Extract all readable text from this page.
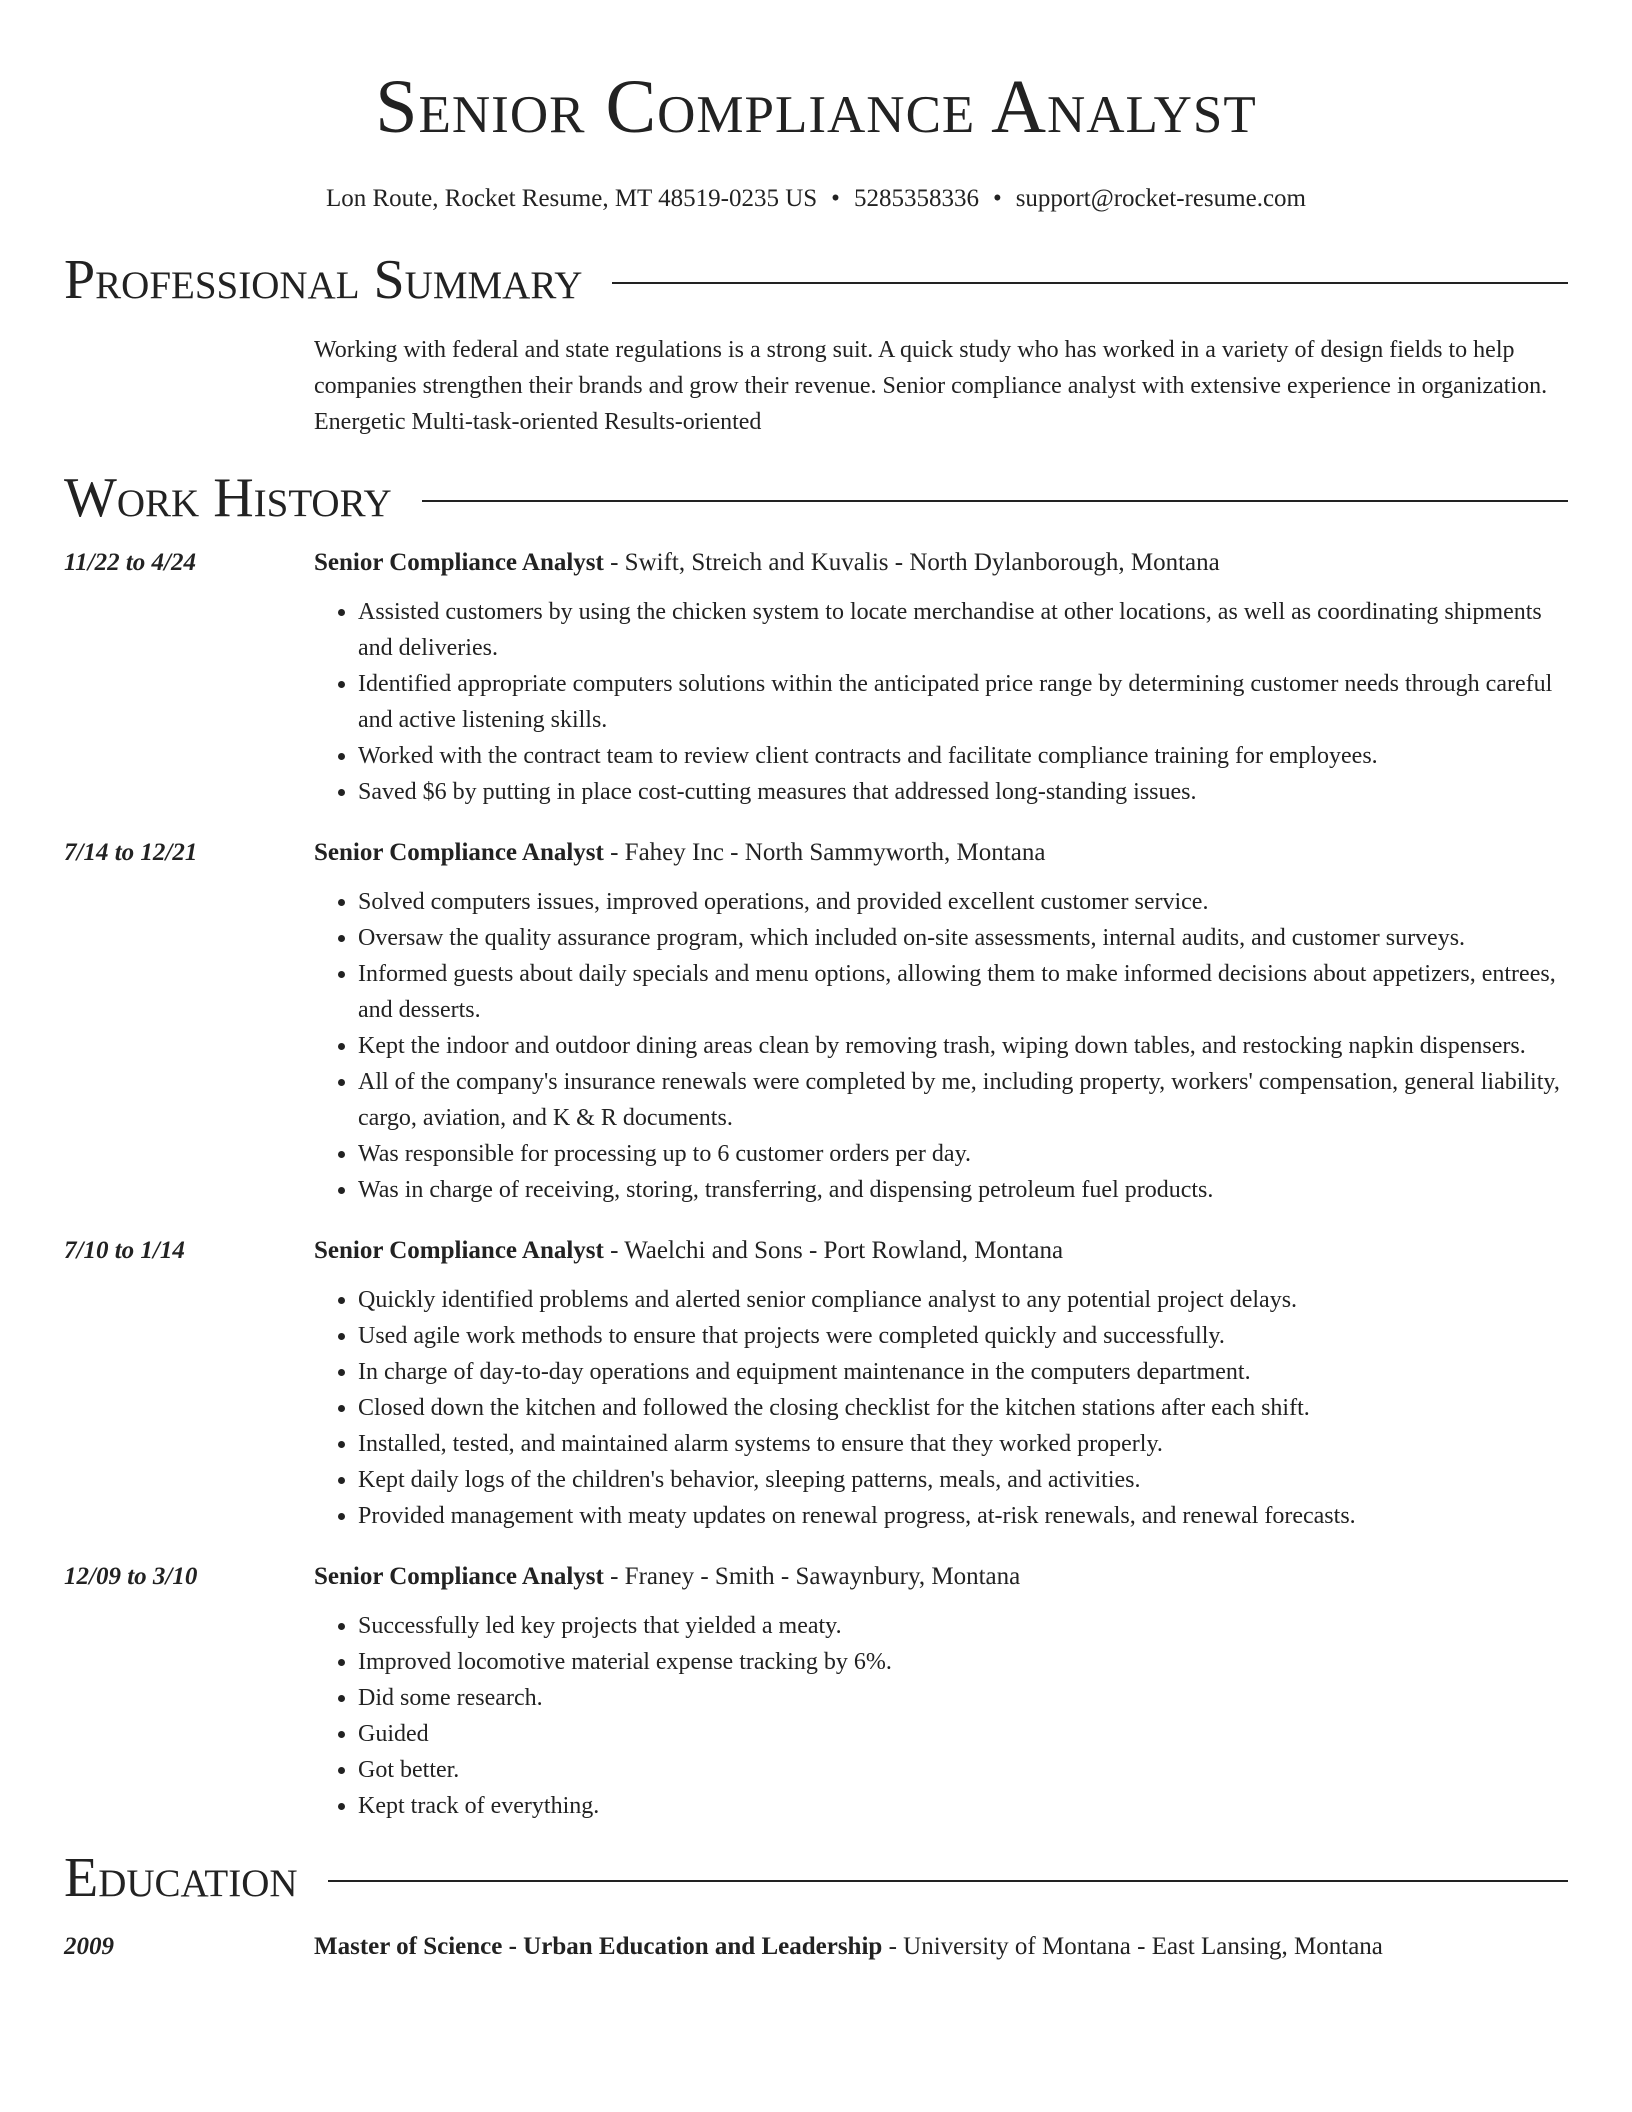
Senior Compliance Analyst
Lon Route, Rocket Resume, MT 48519-0235 US • 5285358336 • support@rocket-resume.com
Professional Summary
Working with federal and state regulations is a strong suit. A quick study who has worked in a variety of design fields to help companies strengthen their brands and grow their revenue. Senior compliance analyst with extensive experience in organization. Energetic Multi-task-oriented Results-oriented
Work History
11/22 to 4/24	Senior Compliance Analyst - Swift, Streich and Kuvalis - North Dylanborough, Montana
• Assisted customers by using the chicken system to locate merchandise at other locations, as well as coordinating shipments and deliveries.
• Identified appropriate computers solutions within the anticipated price range by determining customer needs through careful and active listening skills.
• Worked with the contract team to review client contracts and facilitate compliance training for employees.
• Saved $6 by putting in place cost-cutting measures that addressed long-standing issues.
7/14 to 12/21	Senior Compliance Analyst - Fahey Inc - North Sammyworth, Montana
• Solved computers issues, improved operations, and provided excellent customer service.
• Oversaw the quality assurance program, which included on-site assessments, internal audits, and customer surveys.
• Informed guests about daily specials and menu options, allowing them to make informed decisions about appetizers, entrees, and desserts.
• Kept the indoor and outdoor dining areas clean by removing trash, wiping down tables, and restocking napkin dispensers.
• All of the company's insurance renewals were completed by me, including property, workers' compensation, general liability, cargo, aviation, and K & R documents.
• Was responsible for processing up to 6 customer orders per day.
• Was in charge of receiving, storing, transferring, and dispensing petroleum fuel products.
7/10 to 1/14	Senior Compliance Analyst - Waelchi and Sons - Port Rowland, Montana
• Quickly identified problems and alerted senior compliance analyst to any potential project delays.
• Used agile work methods to ensure that projects were completed quickly and successfully.
• In charge of day-to-day operations and equipment maintenance in the computers department.
• Closed down the kitchen and followed the closing checklist for the kitchen stations after each shift.
• Installed, tested, and maintained alarm systems to ensure that they worked properly.
• Kept daily logs of the children's behavior, sleeping patterns, meals, and activities.
• Provided management with meaty updates on renewal progress, at-risk renewals, and renewal forecasts.
12/09 to 3/10	Senior Compliance Analyst - Franey - Smith - Sawaynbury, Montana
• Successfully led key projects that yielded a meaty.
• Improved locomotive material expense tracking by 6%.
• Did some research.
• Guided
• Got better.
• Kept track of everything.
Education
2009	Master of Science - Urban Education and Leadership - University of Montana - East Lansing, Montana
